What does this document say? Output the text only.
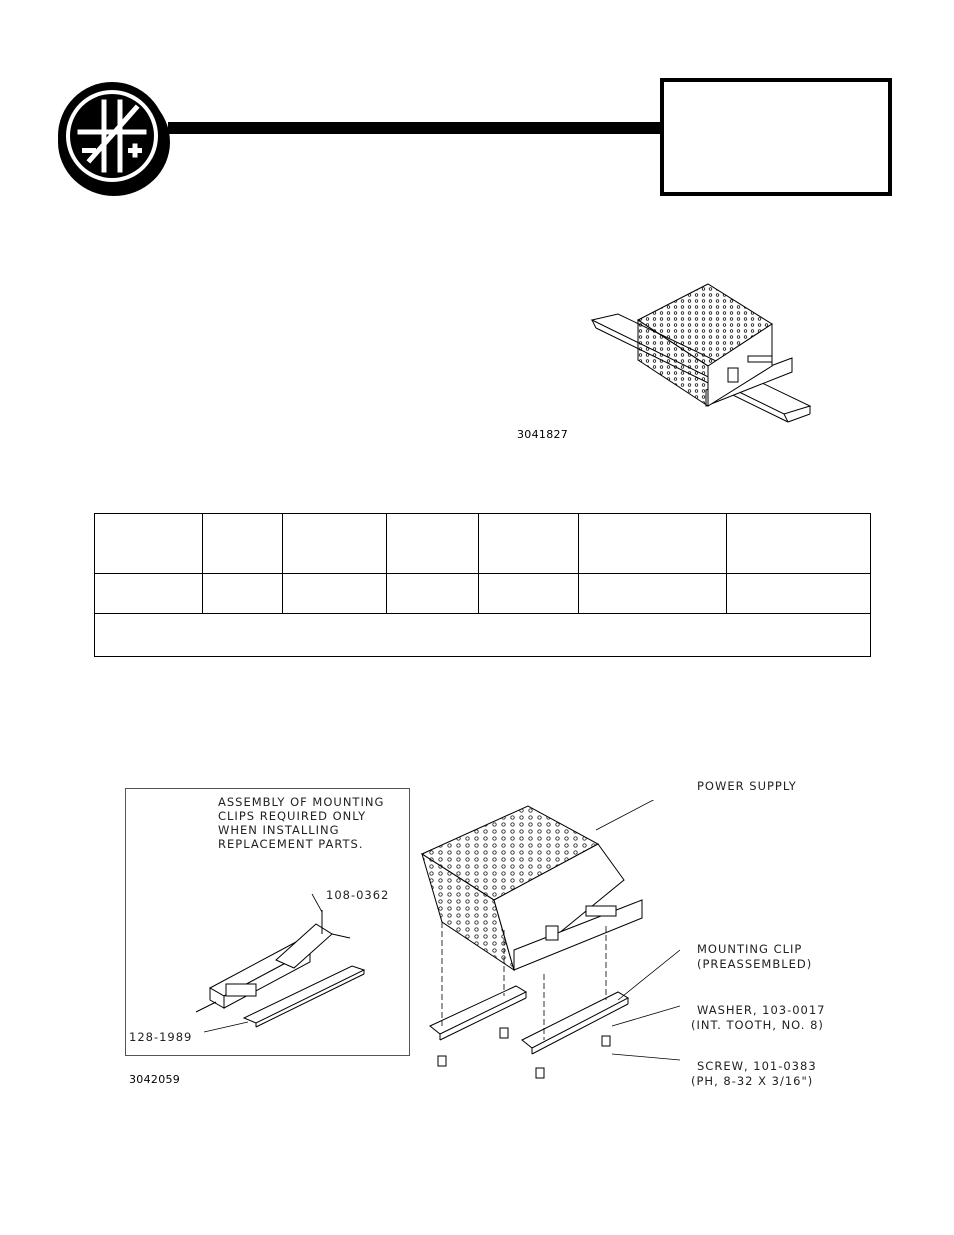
3041827
ASSEMBLY OF MOUNTING
CLIPS REQUIRED ONLY
WHEN INSTALLING
REPLACEMENT PARTS.
108-0362
128-1989
POWER SUPPLY
MOUNTING CLIP
(PREASSEMBLED)
WASHER, 103-0017
(INT. TOOTH, NO. 8)
SCREW, 101-0383
(PH, 8-32 X 3/16")
3042059
